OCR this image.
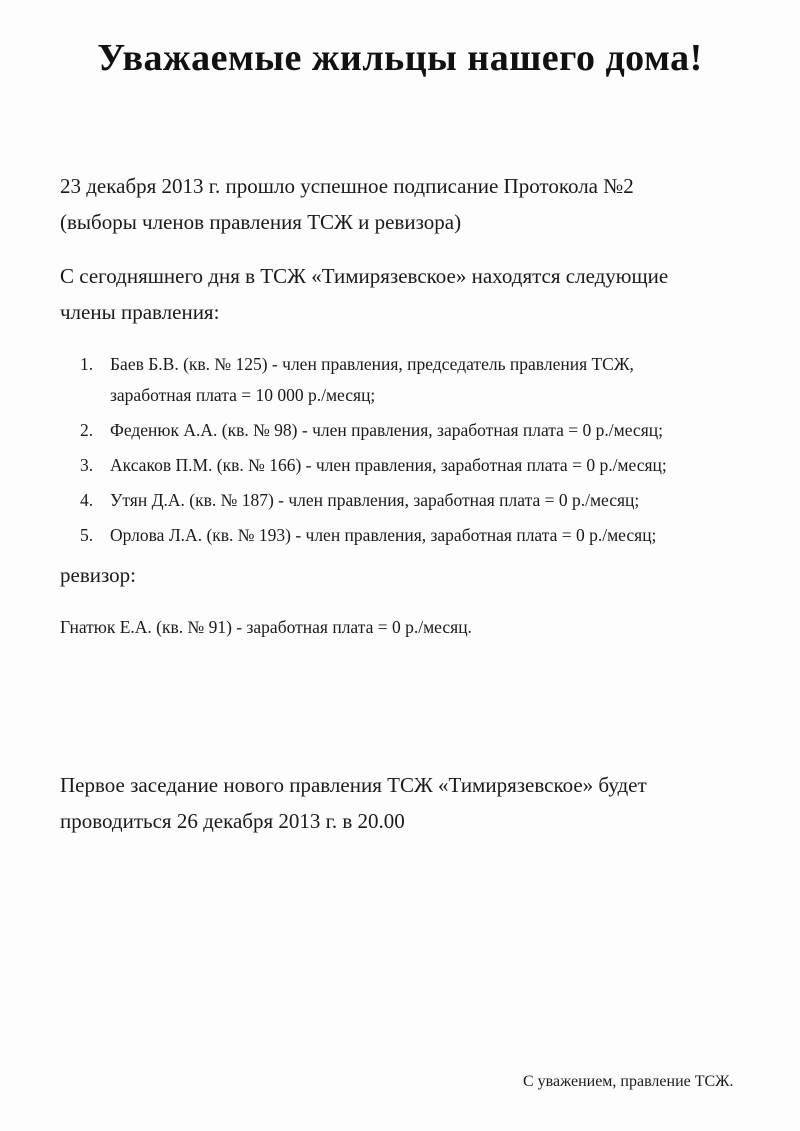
Уважаемые жильцы нашего дома!

23 декабря 2013 г. прошло успешное подписание Протокола №2
(выборы членов правления ТСЖ и ревизора)

С сегодняшнего дня в ТСЖ «Тимирязевское» находятся следующие
члены правления:

1. Баев Б.В. (кв. № 125) - член правления, председатель правления ТСЖ,
заработная плата = 10 000 р./месяц;
2. Феденюк А.А. (кв. № 98) - член правления, заработная плата = 0 р./месяц;
3. Аксаков П.М. (кв. № 166) - член правления, заработная плата = 0 р./месяц;
4. Утян Д.А. (кв. № 187) - член правления, заработная плата = 0 р./месяц;
5. Орлова Л.А. (кв. № 193) - член правления, заработная плата = 0 р./месяц;

ревизор:

Гнатюк Е.А. (кв. № 91) - заработная плата = 0 р./месяц.

Первое заседание нового правления ТСЖ «Тимирязевское» будет
проводиться 26 декабря 2013 г. в 20.00

С уважением, правление ТСЖ.
